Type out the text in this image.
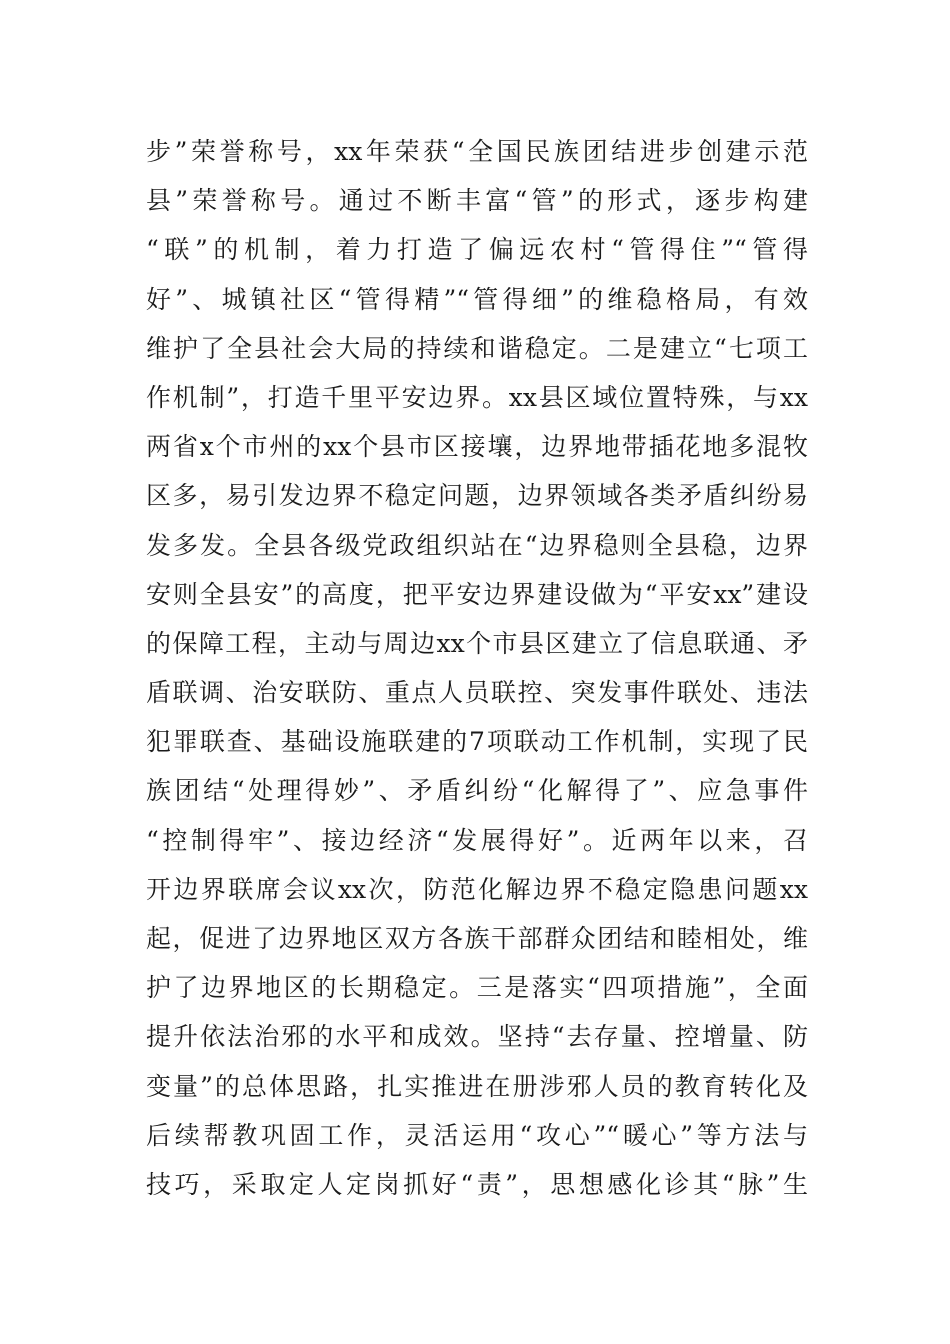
步”荣誉称号，xx年荣获“全国民族团结进步创建示范
县”荣誉称号。通过不断丰富“管”的形式，逐步构建
“联”的机制，着力打造了偏远农村“管得住”“管得
好”、城镇社区“管得精”“管得细”的维稳格局，有效
维护了全县社会大局的持续和谐稳定。二是建立“七项工
作机制”，打造千里平安边界。xx县区域位置特殊，与xx
两省x个市州的xx个县市区接壤，边界地带插花地多混牧
区多，易引发边界不稳定问题，边界领域各类矛盾纠纷易
发多发。全县各级党政组织站在“边界稳则全县稳，边界
安则全县安”的高度，把平安边界建设做为“平安xx”建设
的保障工程，主动与周边xx个市县区建立了信息联通、矛
盾联调、治安联防、重点人员联控、突发事件联处、违法
犯罪联查、基础设施联建的7项联动工作机制，实现了民
族团结“处理得妙”、矛盾纠纷“化解得了”、应急事件
“控制得牢”、接边经济“发展得好”。近两年以来，召
开边界联席会议xx次，防范化解边界不稳定隐患问题xx
起，促进了边界地区双方各族干部群众团结和睦相处，维
护了边界地区的长期稳定。三是落实“四项措施”，全面
提升依法治邪的水平和成效。坚持“去存量、控增量、防
变量”的总体思路，扎实推进在册涉邪人员的教育转化及
后续帮教巩固工作，灵活运用“攻心”“暖心”等方法与
技巧，采取定人定岗抓好“责”，思想感化诊其“脉”生
